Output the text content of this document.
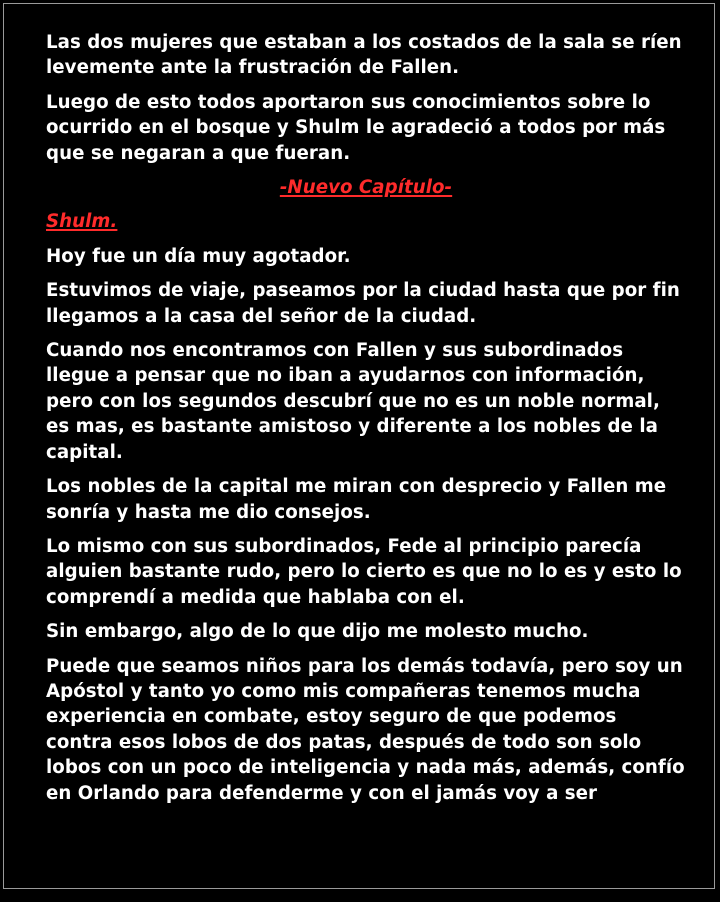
Las dos mujeres que estaban a los costados de la sala se ríen levemente ante la frustración de Fallen.

Luego de esto todos aportaron sus conocimientos sobre lo ocurrido en el bosque y Shulm le agradeció a todos por más que se negaran a que fueran.

-Nuevo Capítulo-

Shulm.

Hoy fue un día muy agotador.

Estuvimos de viaje, paseamos por la ciudad hasta que por fin llegamos a la casa del señor de la ciudad.

Cuando nos encontramos con Fallen y sus subordinados llegue a pensar que no iban a ayudarnos con información, pero con los segundos descubrí que no es un noble normal, es mas, es bastante amistoso y diferente a los nobles de la capital.

Los nobles de la capital me miran con desprecio y Fallen me sonría y hasta me dio consejos.

Lo mismo con sus subordinados, Fede al principio parecía alguien bastante rudo, pero lo cierto es que no lo es y esto lo comprendí a medida que hablaba con el.

Sin embargo, algo de lo que dijo me molesto mucho.

Puede que seamos niños para los demás todavía, pero soy un Apóstol y tanto yo como mis compañeras tenemos mucha experiencia en combate, estoy seguro de que podemos contra esos lobos de dos patas, después de todo son solo lobos con un poco de inteligencia y nada más, además, confío en Orlando para defenderme y con el jamás voy a ser
